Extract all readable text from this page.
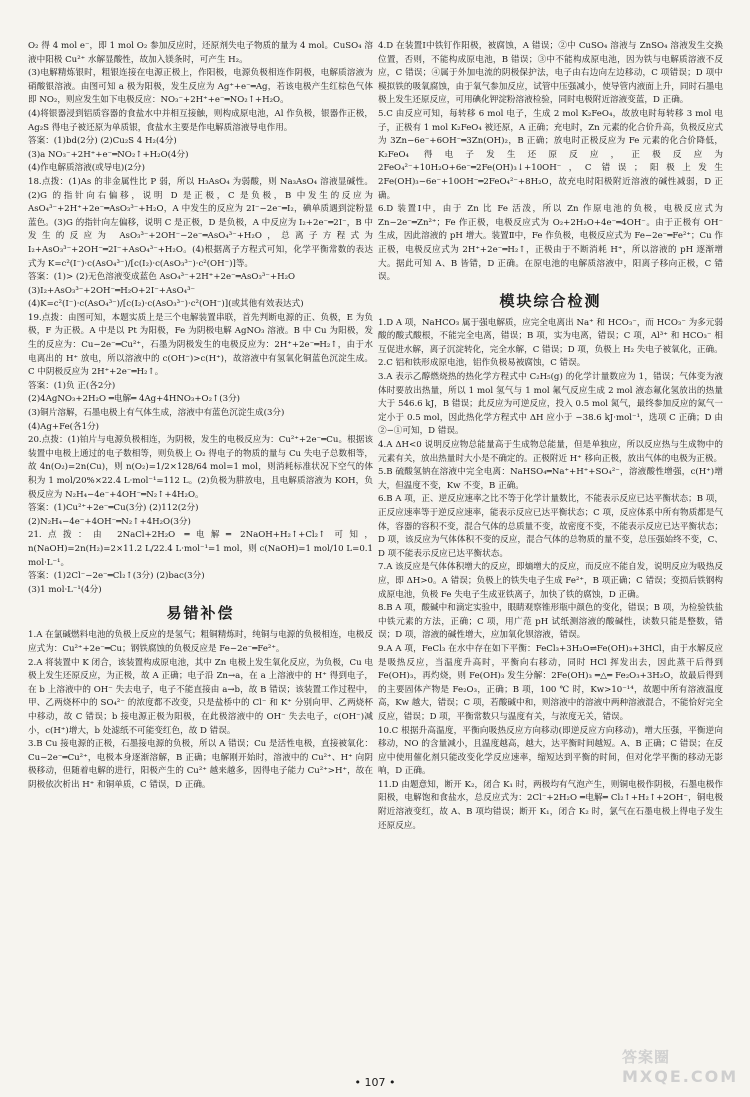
O₂ 得 4 mol e⁻，即 1 mol O₂ 参加反应时，还原剂失电子物质的量为 4 mol。CuSO₄ 溶液中阳极 Cu²⁺ 水解显酸性，故加入镁条时，可产生 H₂。

(3)电解精炼银时，粗银连接在电源正极上，作阳极，电源负极相连作阴极，电解质溶液为硝酸银溶液。由图可知 a 极为阳极，发生反应为 Ag⁺+e⁻═Ag，若该电极产生红棕色气体即 NO₂，则应发生如下电极反应：NO₃⁻+2H⁺+e⁻═NO₂↑+H₂O。

(4)将银器浸到铝质容器的食盐水中并相互接触，则构成原电池，Al 作负极，银器作正极，Ag₂S 得电子被还原为单质银，食盐水主要是作电解质溶液导电作用。

答案：(1)bd(2分) (2)Cu₂S 4 H₂(4分)

(3)a NO₃⁻+2H⁺+e⁻═NO₂↑+H₂O(4分)

(4)作电解质溶液(或导电)(2分)

18.点拨：(1)As 的非金属性比 P 弱，所以 H₃AsO₄ 为弱酸，则 Na₃AsO₄ 溶液显碱性。(2)G 的指针向右偏移，说明 D 是正极，C 是负极，B 中发生的反应为 AsO₄³⁻+2H⁺+2e⁻═AsO₃³⁻+H₂O，A 中发生的反应为 2I⁻−2e⁻═I₂，碘单质遇到淀粉显蓝色。(3)G 的指针向左偏移，说明 C 是正极，D 是负极，A 中反应为 I₂+2e⁻═2I⁻，B 中发生的反应为 AsO₃³⁻+2OH⁻−2e⁻═AsO₄³⁻+H₂O，总离子方程式为 I₂+AsO₃³⁻+2OH⁻═2I⁻+AsO₄³⁻+H₂O。(4)根据离子方程式可知，化学平衡常数的表达式为 K=c²(I⁻)·c(AsO₄³⁻)/[c(I₂)·c(AsO₃³⁻)·c²(OH⁻)]等。

答案：(1)> (2)无色溶液变成蓝色 AsO₄³⁻+2H⁺+2e⁻═AsO₃³⁻+H₂O

(3)I₂+AsO₃³⁻+2OH⁻═H₂O+2I⁻+AsO₄³⁻

(4)K=c²(I⁻)·c(AsO₄³⁻)/[c(I₂)·c(AsO₃³⁻)·c²(OH⁻)](或其他有效表达式)

19.点拨：由图可知，本题实质上是三个电解装置串联，首先判断电源的正、负极，E 为负极，F 为正极。A 中是以 Pt 为阳极，Fe 为阴极电解 AgNO₃ 溶液。B 中 Cu 为阳极，发生的反应为：Cu−2e⁻═Cu²⁺，石墨为阴极发生的电极反应为：2H⁺+2e⁻═H₂↑，由于水电离出的 H⁺ 放电，所以溶液中的 c(OH⁻)>c(H⁺)，故溶液中有氢氧化铜蓝色沉淀生成。C 中阴极反应为 2H⁺+2e⁻═H₂↑。

答案：(1)负 正(各2分)

(2)4AgNO₃+2H₂O ═电解═ 4Ag+4HNO₃+O₂↑(3分)

(3)铜片溶解，石墨电极上有气体生成，溶液中有蓝色沉淀生成(3分)

(4)Ag+Fe(各1分)

20.点拨：(1)铂片与电源负极相连，为阴极，发生的电极反应为：Cu²⁺+2e⁻═Cu。根据该装置中电极上通过的电子数相等，则负极上 O₂ 得电子的物质的量与 Cu 失电子总数相等，故 4n(O₂)=2n(Cu)，则 n(O₂)=1/2×128/64 mol=1 mol，则消耗标准状况下空气的体积为 1 mol/20%×22.4 L·mol⁻¹=112 L。(2)负极为肼放电，且电解质溶液为 KOH，负极反应为 N₂H₄−4e⁻+4OH⁻═N₂↑+4H₂O。

答案：(1)Cu²⁺+2e⁻═Cu(3分) (2)112(2分)

(2)N₂H₄−4e⁻+4OH⁻═N₂↑+4H₂O(3分)

21.点拨：由 2NaCl+2H₂O ═电解═ 2NaOH+H₂↑+Cl₂↑ 可知，n(NaOH)=2n(H₂)=2×11.2 L/22.4 L·mol⁻¹=1 mol，则 c(NaOH)=1 mol/10 L=0.1 mol·L⁻¹。

答案：(1)2Cl⁻−2e⁻═Cl₂↑(3分) (2)bac(3分)

(3)1 mol·L⁻¹(4分)

易错补偿

1.A 在氯碱燃料电池的负极上反应的是氢气；粗铜精炼时，纯铜与电源的负极相连，电极反应式为：Cu²⁺+2e⁻═Cu；钢铁腐蚀的负极反应是 Fe−2e⁻═Fe²⁺。

2.A 将装置中 K 闭合，该装置构成原电池，其中 Zn 电极上发生氧化反应，为负极，Cu 电极上发生还原反应，为正极，故 A 正确；电子沿 Zn→a，在 a 上溶液中的 H⁺ 得到电子，在 b 上溶液中的 OH⁻ 失去电子，电子不能直接由 a→b，故 B 错误；该装置工作过程中，甲、乙两烧杯中的 SO₄²⁻ 的浓度都不改变，只是盐桥中的 Cl⁻ 和 K⁺ 分别向甲、乙两烧杯中移动，故 C 错误；b 接电源正极为阳极，在此极溶液中的 OH⁻ 失去电子，c(OH⁻)减小，c(H⁺)增大，b 处滤纸不可能变红色，故 D 错误。

3.B Cu 接电源的正极，石墨接电源的负极，所以 A 错误；Cu 是活性电极，直接被氧化：Cu−2e⁻═Cu²⁺，电极本身逐渐溶解，B 正确；电解刚开始时，溶液中的 Cu²⁺、H⁺ 向阴极移动，但随着电解的进行，阳极产生的 Cu²⁺ 越来越多，因得电子能力 Cu²⁺>H⁺，故在阴极依次析出 H⁺ 和铜单质，C 错误，D 正确。

4.D 在装置Ⅰ中铁钉作阳极，被腐蚀，A 错误；②中 CuSO₄ 溶液与 ZnSO₄ 溶液发生交换位置，否则，不能构成原电池，B 错误；③中不能构成原电池，因为铁与电解质溶液不反应，C 错误；④属于外加电流的阴极保护法，电子由右边向左边移动，C 项错误；D 项中模拟铁的吸氧腐蚀，由于氧气参加反应，试管中压强减小，使导管内液面上升，同时石墨电极上发生还原反应，可用碘化钾淀粉溶液检验，同时电极附近溶液变蓝，D 正确。

5.C 由反应可知，每转移 6 mol 电子，生成 2 mol K₂FeO₄，故放电时每转移 3 mol 电子，正极有 1 mol K₂FeO₄ 被还原，A 正确；充电时，Zn 元素的化合价升高，负极反应式为 3Zn−6e⁻+6OH⁻═3Zn(OH)₂，B 正确；放电时正极反应为 Fe 元素的化合价降低，K₂FeO₄ 得电子发生还原反应，正极反应为 2FeO₄²⁻+10H₂O+6e⁻═2Fe(OH)₃↓+10OH⁻，C 错误；阳极上发生 2Fe(OH)₃−6e⁻+10OH⁻═2FeO₄²⁻+8H₂O，故充电时阳极附近溶液的碱性减弱，D 正确。

6.D 装置Ⅰ中，由于 Zn 比 Fe 活泼，所以 Zn 作原电池的负极，电极反应式为 Zn−2e⁻═Zn²⁺；Fe 作正极，电极反应式为 O₂+2H₂O+4e⁻═4OH⁻。由于正极有 OH⁻ 生成，因此溶液的 pH 增大。装置Ⅱ中，Fe 作负极，电极反应式为 Fe−2e⁻═Fe²⁺；Cu 作正极，电极反应式为 2H⁺+2e⁻═H₂↑，正极由于不断消耗 H⁺，所以溶液的 pH 逐渐增大。据此可知 A、B 皆错，D 正确。在原电池的电解质溶液中，阳离子移向正极，C 错误。

模块综合检测

1.D A 项，NaHCO₃ 属于强电解质，应完全电离出 Na⁺ 和 HCO₃⁻，而 HCO₃⁻ 为多元弱酸的酸式酸根，不能完全电离，错误；B 项，实为电离，错误；C 项，Al³⁺ 和 HCO₃⁻ 相互促进水解，离子沉淀转化，完全水解，C 错误；D 项，负极上 H₂ 失电子被氧化，正确。

2.C 铝和铁形成原电池，铝作负极易被腐蚀，C 错误。

3.A 表示乙醇燃烧热的热化学方程式中 C₂H₅(g) 的化学计量数应为 1，错误；气体变为液体时要放出热量，所以 1 mol 氢气与 1 mol 氟气反应生成 2 mol 液态氟化氢放出的热量大于 546.6 kJ，B 错误；此反应为可逆反应，投入 0.5 mol 氮气，最终参加反应的氮气一定小于 0.5 mol，因此热化学方程式中 ΔH 应小于 −38.6 kJ·mol⁻¹，选项 C 正确；D 由②−①可知，D 错误。

4.A ΔH<0 说明反应物总能量高于生成物总能量，但是单独应，所以反应热与生成物中的元素有关，放出热量时大小是不确定的。正极附近 H⁺ 移向正极，放出气体的电极为正极。

5.B 硫酸氢钠在溶液中完全电离：NaHSO₄═Na⁺+H⁺+SO₄²⁻，溶液酸性增强，c(H⁺)增大，但温度不变，Kw 不变，B 正确。

6.B A 项，正、逆反应速率之比不等于化学计量数比，不能表示反应已达平衡状态；B 项，正反应速率等于逆反应速率，能表示反应已达平衡状态；C 项，反应体系中所有物质都是气体，容器的容积不变，混合气体的总质量不变，故密度不变，不能表示反应已达平衡状态；D 项，该反应为气体体积不变的反应，混合气体的总物质的量不变，总压强始终不变，C、D 项不能表示反应已达平衡状态。

7.A 该反应是气体体积增大的反应，即熵增大的反应，而反应不能自发，说明反应为吸热反应，即 ΔH>0。A 错误；负极上的铁失电子生成 Fe²⁺，B 项正确；C 错误；变损后铁钢构成原电池，负极 Fe 失电子生成亚铁离子，加快了铁的腐蚀，D 正确。

8.B A 项，酸碱中和滴定实验中，眼睛观察锥形瓶中颜色的变化，错误；B 项，为检验铁盐中铁元素的方法，正确；C 项，用广范 pH 试纸测溶液的酸碱性，读数只能是整数，错误；D 项，溶液的碱性增大，应加氧化钡溶液，错误。

9.A A 项，FeCl₃ 在水中存在如下平衡：FeCl₃+3H₂O⇌Fe(OH)₃+3HCl，由于水解反应是吸热反应，当温度升高时，平衡向右移动，同时 HCl 挥发出去，因此蒸干后得到 Fe(OH)₃，再灼烧，则 Fe(OH)₃ 发生分解：2Fe(OH)₃ ═△═ Fe₂O₃+3H₂O，故最后得到的主要固体产物是 Fe₂O₃，正确；B 项，100 ℃ 时，Kw>10⁻¹⁴，故题中所有溶液温度高，Kw 越大，错误；C 项，若酸碱中和，则溶液中的溶液中两种溶液混合，不能恰好完全反应，错误；D 项，平衡常数只与温度有关，与浓度无关，错误。

10.C 根据升高温度，平衡向吸热反应方向移动(即逆反应方向移动)，增大压强，平衡逆向移动，NO 的含量减小，且温度越高，越大，达平衡时间越短。A、B 正确；C 错误；在反应中使用催化剂只能改变化学反应速率，缩短达到平衡的时间，但对化学平衡的移动无影响，D 正确。

11.D 由题意知，断开 K₂，闭合 K₁ 时，两极均有气泡产生，则铜电极作阴极，石墨电极作阳极，电解饱和食盐水，总反应式为：2Cl⁻+2H₂O ═电解═ Cl₂↑+H₂↑+2OH⁻，铜电极附近溶液变红，故 A、B 项均错误；断开 K₁，闭合 K₂ 时，氯气在石墨电极上得电子发生还原反应。

• 107 •
答案圈
MXQE.COM
